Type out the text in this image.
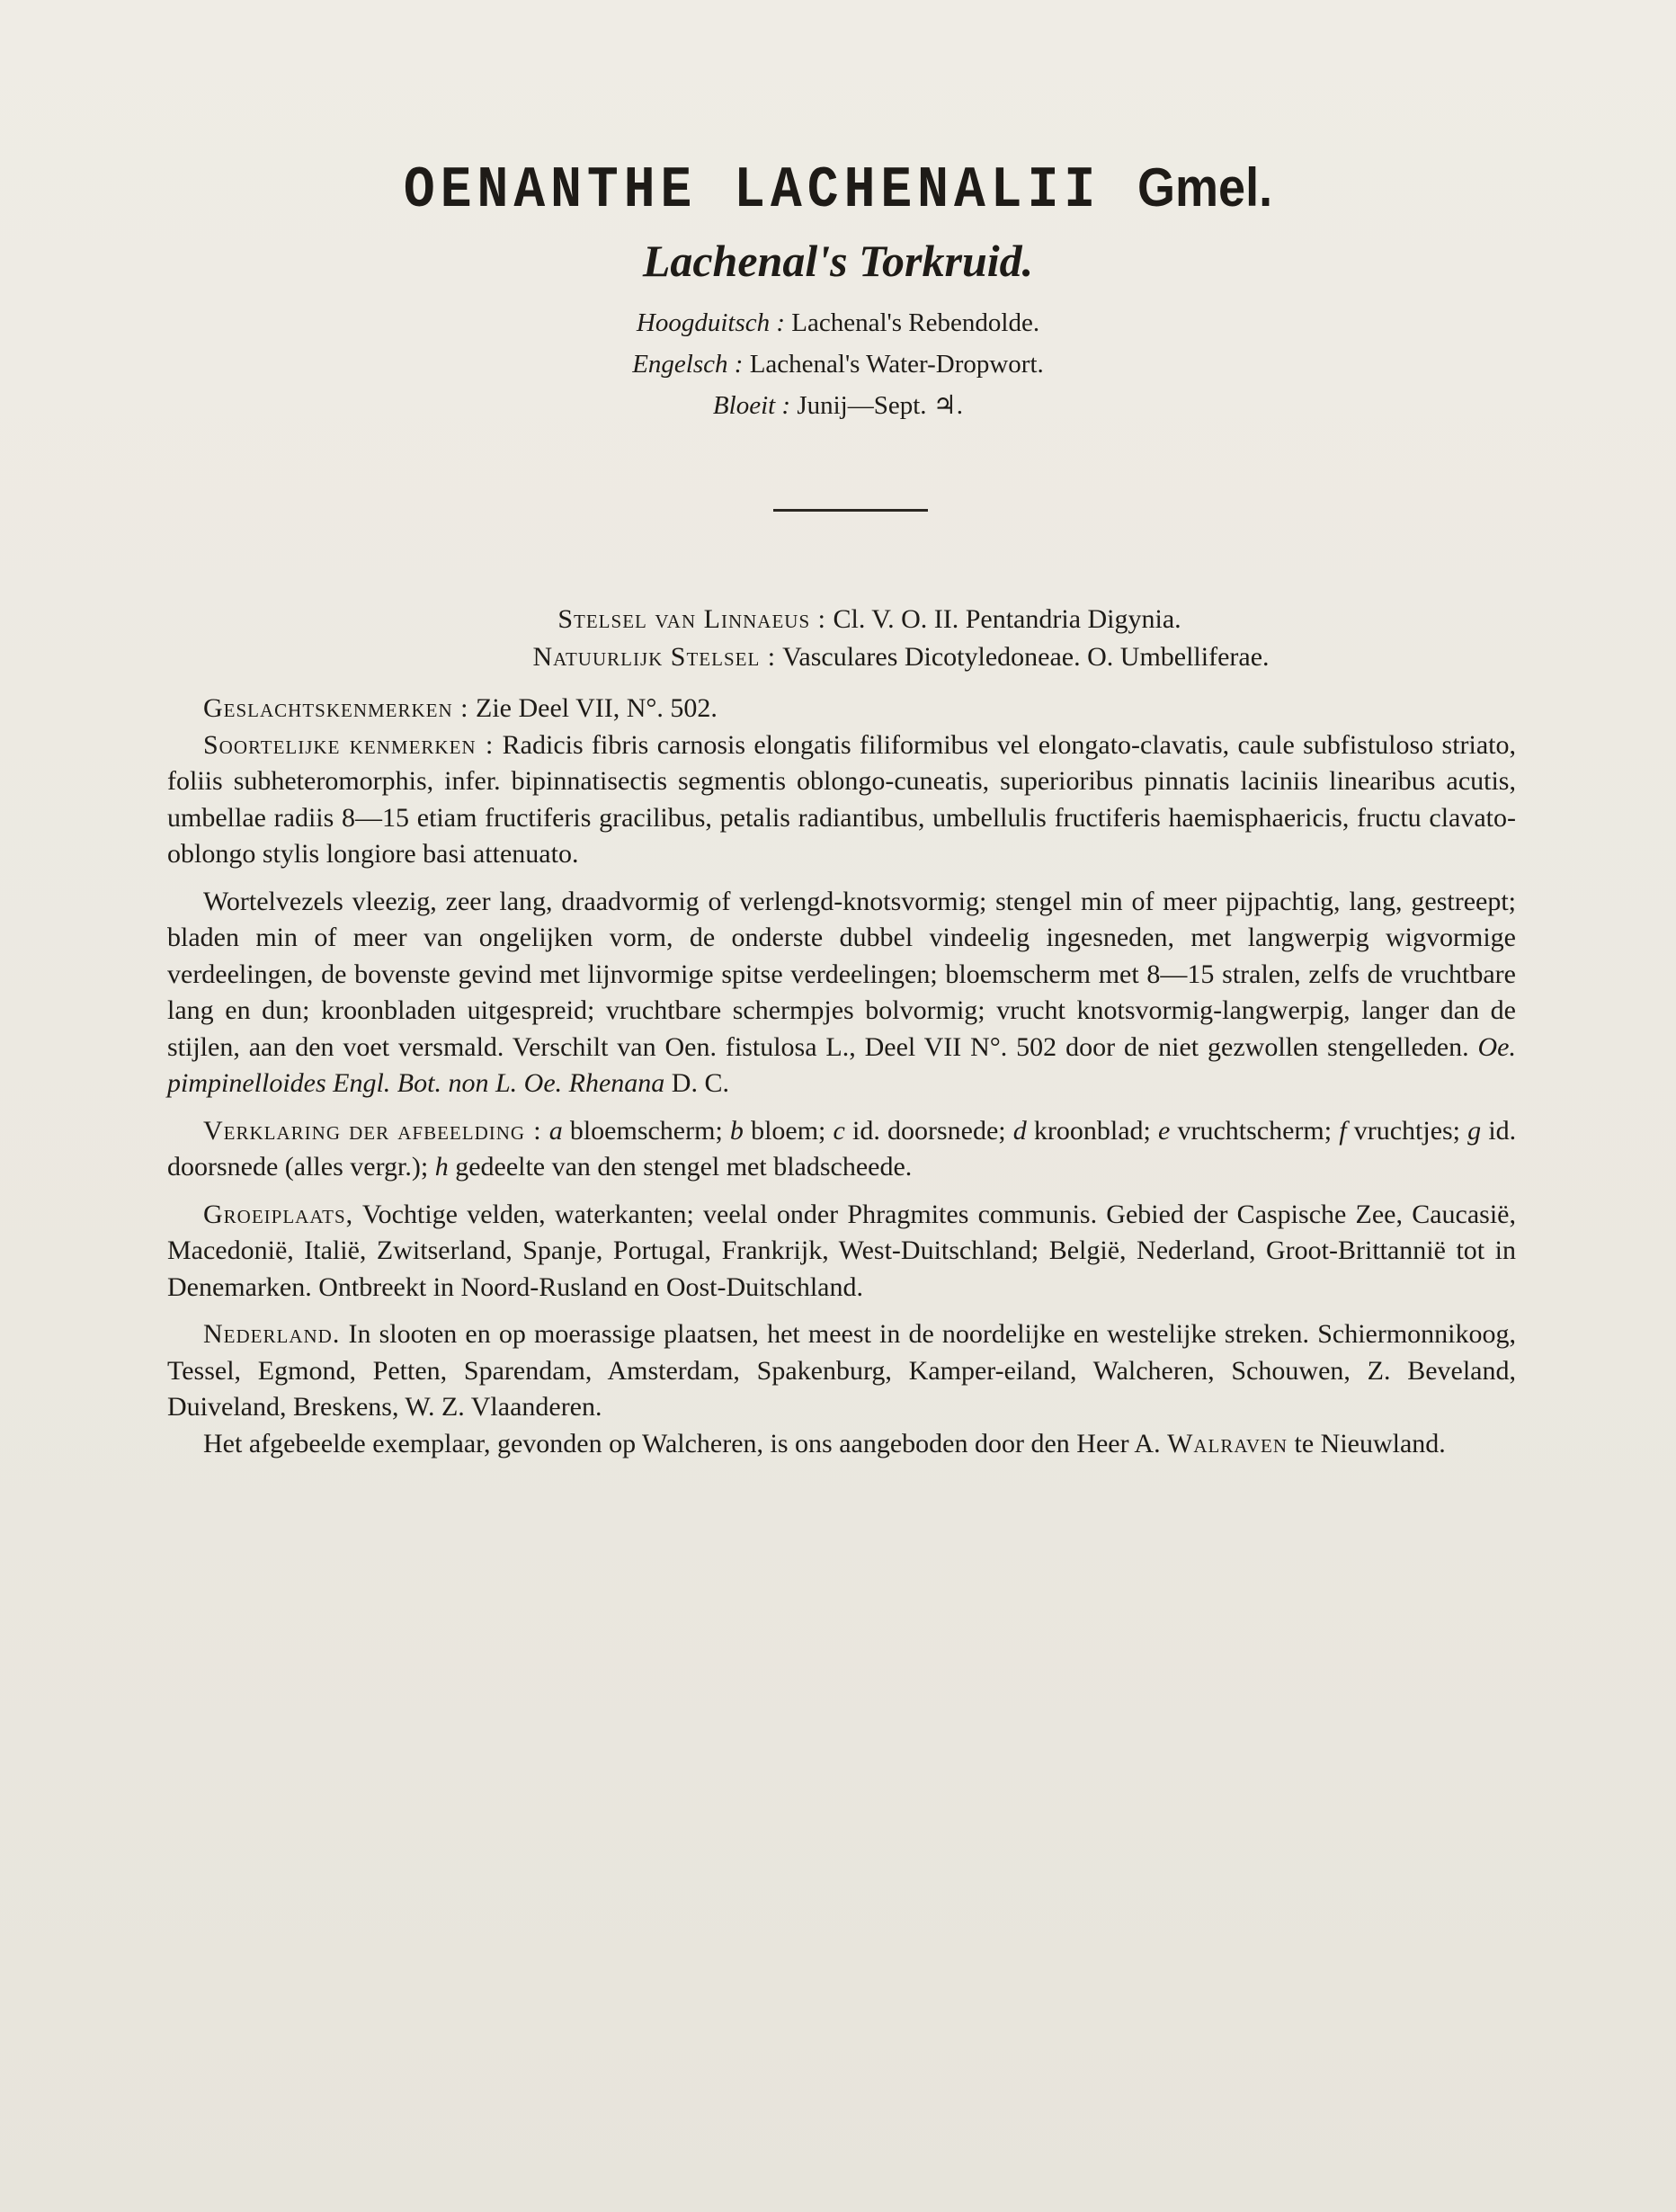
OENANTHE LACHENALII Gmel.
Lachenal's Torkruid.
Hoogduitsch : Lachenal's Rebendolde.
Engelsch : Lachenal's Water-Dropwort.
Bloeit : Junij—Sept. ♃.
Stelsel van Linnaeus : Cl. V. O. II. Pentandria Digynia.
Natuurlijk Stelsel : Vasculares Dicotyledoneae. O. Umbelliferae.

Geslachtskenmerken : Zie Deel VII, N°. 502.

Soortelijke kenmerken : Radicis fibris carnosis elongatis filiformibus vel elongato-clavatis, caule subfistuloso striato, foliis subheteromorphis, infer. bipinnatisectis segmentis oblongo-cuneatis, superioribus pinnatis laciniis linearibus acutis, umbellae radiis 8—15 etiam fructiferis gracilibus, petalis radiantibus, umbellulis fructiferis haemisphaericis, fructu clavato-oblongo stylis longiore basi attenuato.

Wortelvezels vleezig, zeer lang, draadvormig of verlengd-knotsvormig; stengel min of meer pijpachtig, lang, gestreept; bladen min of meer van ongelijken vorm, de onderste dubbel vindeelig ingesneden, met langwerpig wigvormige verdeelingen, de bovenste gevind met lijnvormige spitse verdeelingen; bloemscherm met 8—15 stralen, zelfs de vruchtbare lang en dun; kroonbladen uitgespreid; vruchtbare schermpjes bolvormig; vrucht knotsvormig-langwerpig, langer dan de stijlen, aan den voet versmald. Verschilt van Oen. fistulosa L., Deel VII N°. 502 door de niet gezwollen stengelleden. Oe. pimpinelloides Engl. Bot. non L. Oe. Rhenana D. C.

Verklaring der afbeelding : a bloemscherm; b bloem; c id. doorsnede; d kroonblad; e vruchtscherm; f vruchtjes; g id. doorsnede (alles vergr.); h gedeelte van den stengel met bladscheede.

Groeiplaats, Vochtige velden, waterkanten; veelal onder Phragmites communis. Gebied der Caspische Zee, Caucasië, Macedonië, Italië, Zwitserland, Spanje, Portugal, Frankrijk, West-Duitschland; België, Nederland, Groot-Brittannië tot in Denemarken. Ontbreekt in Noord-Rusland en Oost-Duitschland.

Nederland. In slooten en op moerassige plaatsen, het meest in de noordelijke en westelijke streken. Schiermonnikoog, Tessel, Egmond, Petten, Sparendam, Amsterdam, Spakenburg, Kamper-eiland, Walcheren, Schouwen, Z. Beveland, Duiveland, Breskens, W. Z. Vlaanderen.

Het afgebeelde exemplaar, gevonden op Walcheren, is ons aangeboden door den Heer A. Walraven te Nieuwland.
